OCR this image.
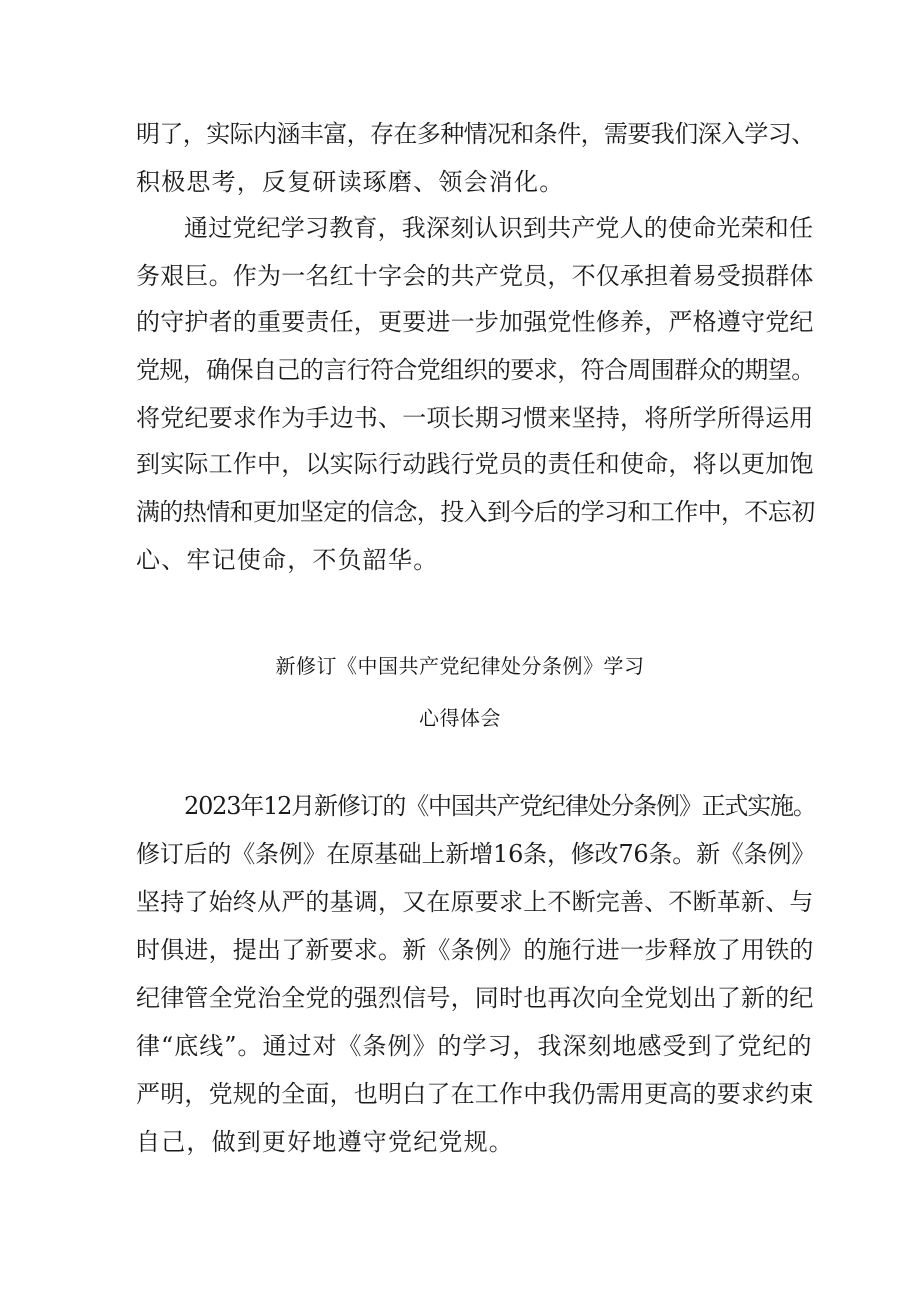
明了，实际内涵丰富，存在多种情况和条件，需要我们深入学习、
积极思考，反复研读琢磨、领会消化。
通过党纪学习教育，我深刻认识到共产党人的使命光荣和任
务艰巨。作为一名红十字会的共产党员，不仅承担着易受损群体
的守护者的重要责任，更要进一步加强党性修养，严格遵守党纪
党规，确保自己的言行符合党组织的要求，符合周围群众的期望。
将党纪要求作为手边书、一项长期习惯来坚持，将所学所得运用
到实际工作中，以实际行动践行党员的责任和使命，将以更加饱
满的热情和更加坚定的信念，投入到今后的学习和工作中，不忘初
心、牢记使命，不负韶华。
新修订《中国共产党纪律处分条例》学习
心得体会
2023年12月新修订的《中国共产党纪律处分条例》正式实施。
修订后的《条例》在原基础上新增16条，修改76条。新《条例》
坚持了始终从严的基调，又在原要求上不断完善、不断革新、与
时俱进，提出了新要求。新《条例》的施行进一步释放了用铁的
纪律管全党治全党的强烈信号，同时也再次向全党划出了新的纪
律“底线”。通过对《条例》的学习，我深刻地感受到了党纪的
严明，党规的全面，也明白了在工作中我仍需用更高的要求约束
自己，做到更好地遵守党纪党规。
